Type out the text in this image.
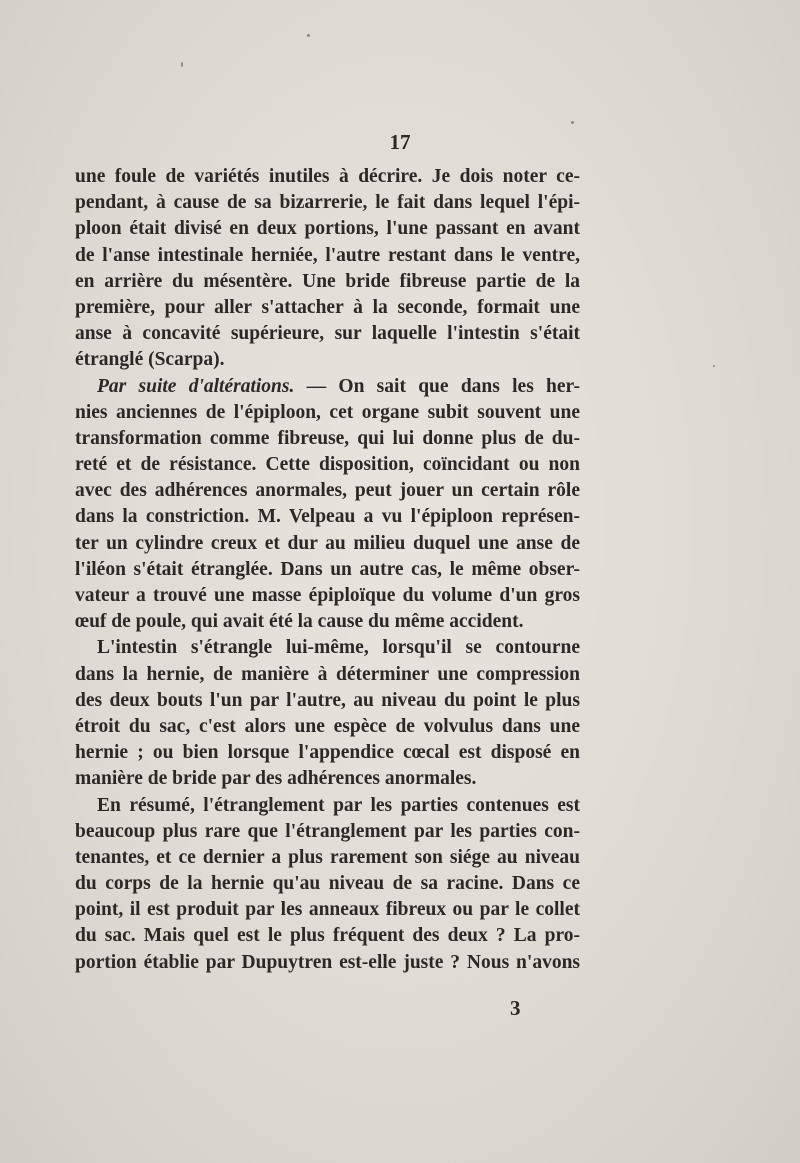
17
une foule de variétés inutiles à décrire. Je dois noter ce-
pendant, à cause de sa bizarrerie, le fait dans lequel l'épi-
ploon était divisé en deux portions, l'une passant en avant
de l'anse intestinale herniée, l'autre restant dans le ventre,
en arrière du mésentère. Une bride fibreuse partie de la
première, pour aller s'attacher à la seconde, formait une
anse à concavité supérieure, sur laquelle l'intestin s'était
étranglé (Scarpa).
Par suite d'altérations. — On sait que dans les her-
nies anciennes de l'épiploon, cet organe subit souvent une
transformation comme fibreuse, qui lui donne plus de du-
reté et de résistance. Cette disposition, coïncidant ou non
avec des adhérences anormales, peut jouer un certain rôle
dans la constriction. M. Velpeau a vu l'épiploon représen-
ter un cylindre creux et dur au milieu duquel une anse de
l'iléon s'était étranglée. Dans un autre cas, le même obser-
vateur a trouvé une masse épiploïque du volume d'un gros
œuf de poule, qui avait été la cause du même accident.
L'intestin s'étrangle lui-même, lorsqu'il se contourne
dans la hernie, de manière à déterminer une compression
des deux bouts l'un par l'autre, au niveau du point le plus
étroit du sac, c'est alors une espèce de volvulus dans une
hernie ; ou bien lorsque l'appendice cœcal est disposé en
manière de bride par des adhérences anormales.
En résumé, l'étranglement par les parties contenues est
beaucoup plus rare que l'étranglement par les parties con-
tenantes, et ce dernier a plus rarement son siége au niveau
du corps de la hernie qu'au niveau de sa racine. Dans ce
point, il est produit par les anneaux fibreux ou par le collet
du sac. Mais quel est le plus fréquent des deux ? La pro-
portion établie par Dupuytren est-elle juste ? Nous n'avons
3
